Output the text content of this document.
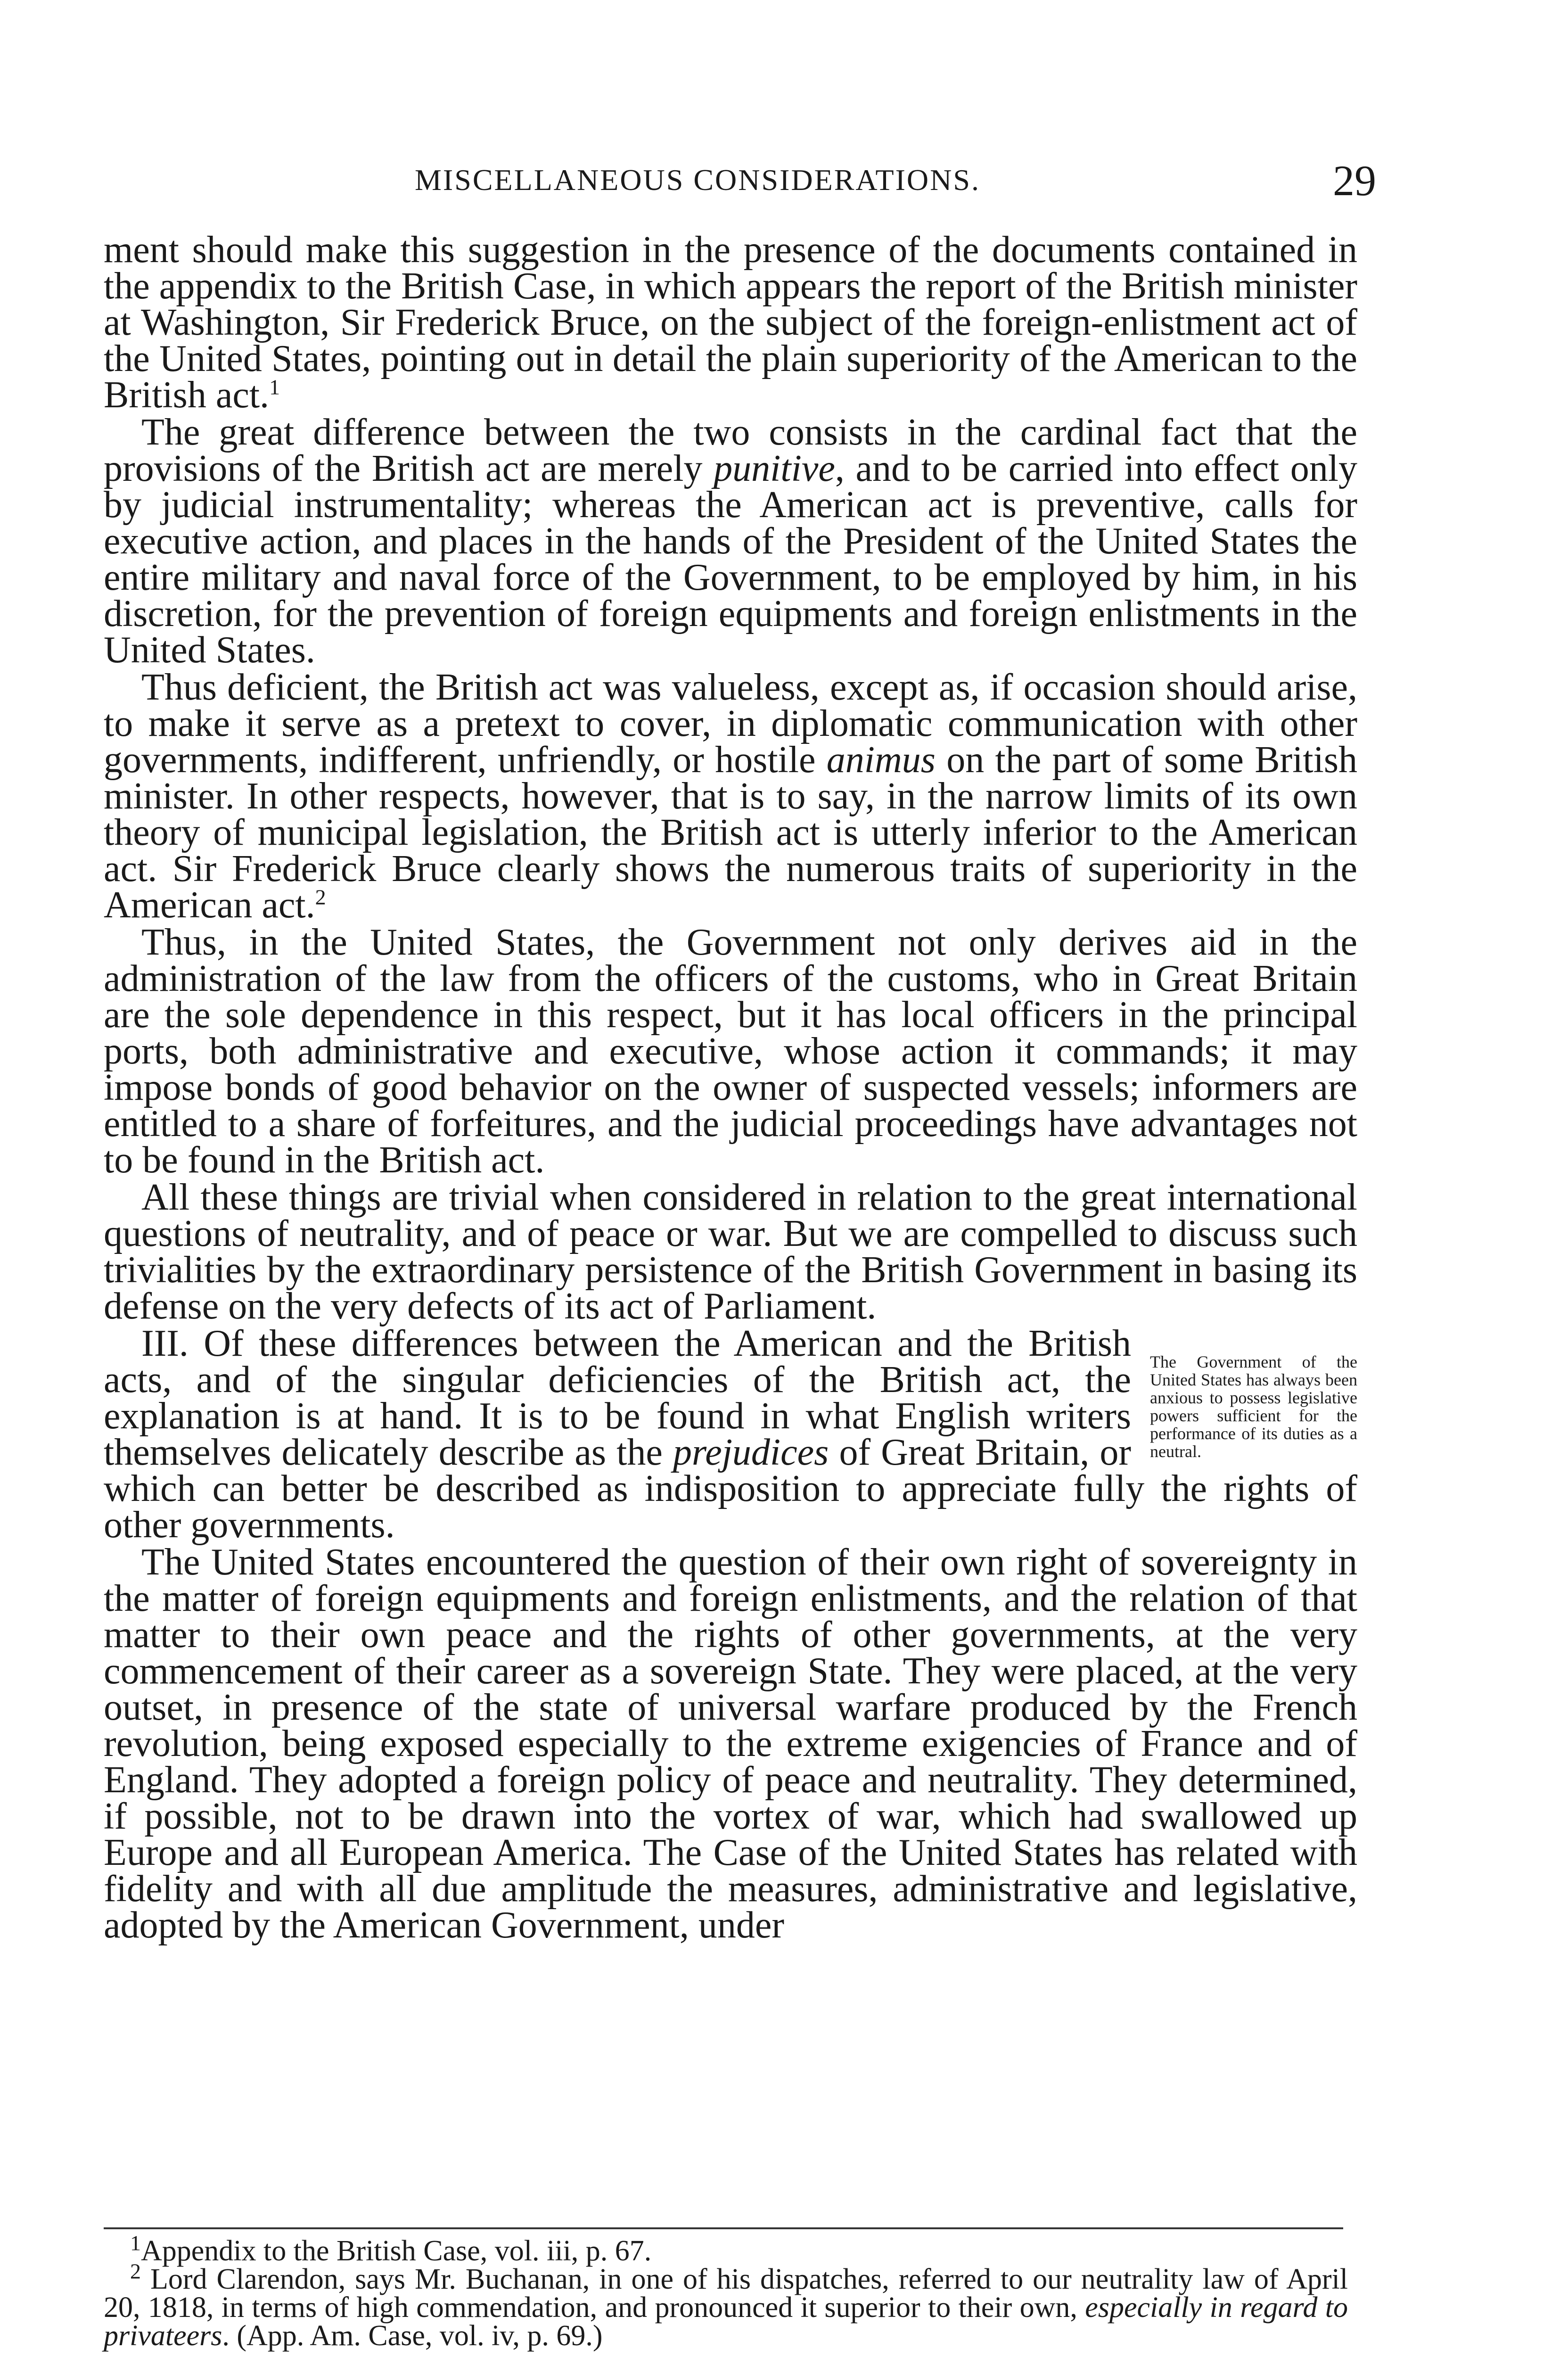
MISCELLANEOUS CONSIDERATIONS.	29

ment should make this suggestion in the presence of the documents contained in the appendix to the British Case, in which appears the report of the British minister at Washington, Sir Frederick Bruce, on the subject of the foreign-enlistment act of the United States, pointing out in detail the plain superiority of the American to the British act.$^1$

The great difference between the two consists in the cardinal fact that the provisions of the British act are merely punitive, and to be carried into effect only by judicial instrumentality; whereas the American act is preventive, calls for executive action, and places in the hands of the President of the United States the entire military and naval force of the Government, to be employed by him, in his discretion, for the prevention of foreign equipments and foreign enlistments in the United States.

Thus deficient, the British act was valueless, except as, if occasion should arise, to make it serve as a pretext to cover, in diplomatic communication with other governments, indifferent, unfriendly, or hostile animus on the part of some British minister. In other respects, however, that is to say, in the narrow limits of its own theory of municipal legislation, the British act is utterly inferior to the American act. Sir Frederick Bruce clearly shows the numerous traits of superiority in the American act.$^2$

Thus, in the United States, the Government not only derives aid in the administration of the law from the officers of the customs, who in Great Britain are the sole dependence in this respect, but it has local officers in the principal ports, both administrative and executive, whose action it commands; it may impose bonds of good behavior on the owner of suspected vessels; informers are entitled to a share of forfeitures, and the judicial proceedings have advantages not to be found in the British act.

All these things are trivial when considered in relation to the great international questions of neutrality, and of peace or war. But we are compelled to discuss such trivialities by the extraordinary persistence of the British Government in basing its defense on the very defects of its act of Parliament.

The Government of the United States has always been anxious to possess legislative powers sufficient for the performance of its duties as a neutral.
III. Of these differences between the American and the British acts, and of the singular deficiencies of the British act, the explanation is at hand. It is to be found in what English writers themselves delicately describe as the prejudices of Great Britain, or which can better be described as indisposition to appreciate fully the rights of other governments.

The United States encountered the question of their own right of sovereignty in the matter of foreign equipments and foreign enlistments, and the relation of that matter to their own peace and the rights of other governments, at the very commencement of their career as a sovereign State. They were placed, at the very outset, in presence of the state of universal warfare produced by the French revolution, being exposed especially to the extreme exigencies of France and of England. They adopted a foreign policy of peace and neutrality. They determined, if possible, not to be drawn into the vortex of war, which had swallowed up Europe and all European America. The Case of the United States has related with fidelity and with all due amplitude the measures, administrative and legislative, adopted by the American Government, under

$^1$Appendix to the British Case, vol. iii, p. 67.

$^2$ Lord Clarendon, says Mr. Buchanan, in one of his dispatches, referred to our neutrality law of April 20, 1818, in terms of high commendation, and pronounced it superior to their own, especially in regard to privateers. (App. Am. Case, vol. iv, p. 69.)
